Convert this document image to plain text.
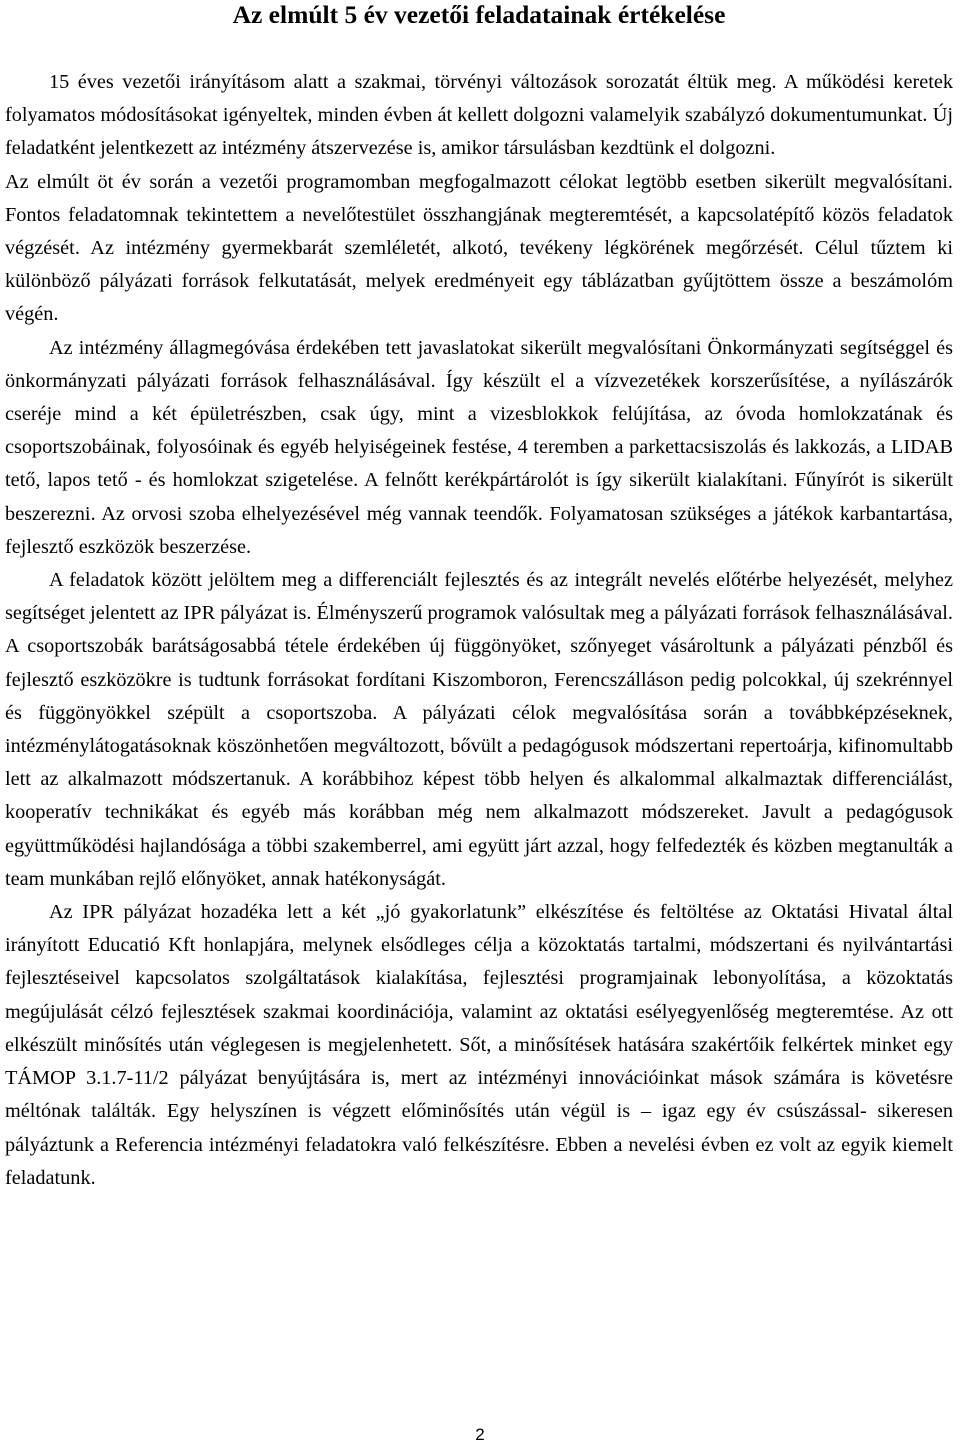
Az elmúlt 5 év vezetői feladatainak értékelése

15 éves vezetői irányításom alatt a szakmai, törvényi változások sorozatát éltük meg. A működési keretek folyamatos módosításokat igényeltek, minden évben át kellett dolgozni valamelyik szabályzó dokumentumunkat. Új feladatként jelentkezett az intézmény átszervezése is, amikor társulásban kezdtünk el dolgozni.

Az elmúlt öt év során a vezetői programomban megfogalmazott célokat legtöbb esetben sikerült megvalósítani. Fontos feladatomnak tekintettem a nevelőtestület összhangjának megteremtését, a kapcsolatépítő közös feladatok végzését. Az intézmény gyermekbarát szemléletét, alkotó, tevékeny légkörének megőrzését. Célul tűztem ki különböző pályázati források felkutatását, melyek eredményeit egy táblázatban gyűjtöttem össze a beszámolóm végén.

Az intézmény állagmegóvása érdekében tett javaslatokat sikerült megvalósítani Önkormányzati segítséggel és önkormányzati pályázati források felhasználásával. Így készült el a vízvezetékek korszerűsítése, a nyílászárók cseréje mind a két épületrészben, csak úgy, mint a vizesblokkok felújítása, az óvoda homlokzatának és csoportszobáinak, folyosóinak és egyéb helyiségeinek festése, 4 teremben a parkettacsiszolás és lakkozás, a LIDAB tető, lapos tető - és homlokzat szigetelése. A felnőtt kerékpártárolót is így sikerült kialakítani. Fűnyírót is sikerült beszerezni. Az orvosi szoba elhelyezésével még vannak teendők. Folyamatosan szükséges a játékok karbantartása, fejlesztő eszközök beszerzése.

A feladatok között jelöltem meg a differenciált fejlesztés és az integrált nevelés előtérbe helyezését, melyhez segítséget jelentett az IPR pályázat is. Élményszerű programok valósultak meg a pályázati források felhasználásával. A csoportszobák barátságosabbá tétele érdekében új függönyöket, szőnyeget vásároltunk a pályázati pénzből és fejlesztő eszközökre is tudtunk forrásokat fordítani Kiszomboron, Ferencszálláson pedig polcokkal, új szekrénnyel és függönyökkel szépült a csoportszoba. A pályázati célok megvalósítása során a továbbképzéseknek, intézménylátogatásoknak köszönhetően megváltozott, bővült a pedagógusok módszertani repertoárja, kifinomultabb lett az alkalmazott módszertanuk. A korábbihoz képest több helyen és alkalommal alkalmaztak differenciálást, kooperatív technikákat és egyéb más korábban még nem alkalmazott módszereket. Javult a pedagógusok együttműködési hajlandósága a többi szakemberrel, ami együtt járt azzal, hogy felfedezték és közben megtanulták a team munkában rejlő előnyöket, annak hatékonyságát.

Az IPR pályázat hozadéka lett a két „jó gyakorlatunk” elkészítése és feltöltése az Oktatási Hivatal által irányított Educatió Kft honlapjára, melynek elsődleges célja a közoktatás tartalmi, módszertani és nyilvántartási fejlesztéseivel kapcsolatos szolgáltatások kialakítása, fejlesztési programjainak lebonyolítása, a közoktatás megújulását célzó fejlesztések szakmai koordinációja, valamint az oktatási esélyegyenlőség megteremtése. Az ott elkészült minősítés után véglegesen is megjelenhetett. Sőt, a minősítések hatására szakértőik felkértek minket egy TÁMOP 3.1.7-11/2 pályázat benyújtására is, mert az intézményi innovációinkat mások számára is követésre méltónak találták. Egy helyszínen is végzett előminősítés után végül is – igaz egy év csúszással- sikeresen pályáztunk a Referencia intézményi feladatokra való felkészítésre. Ebben a nevelési évben ez volt az egyik kiemelt feladatunk.

2
